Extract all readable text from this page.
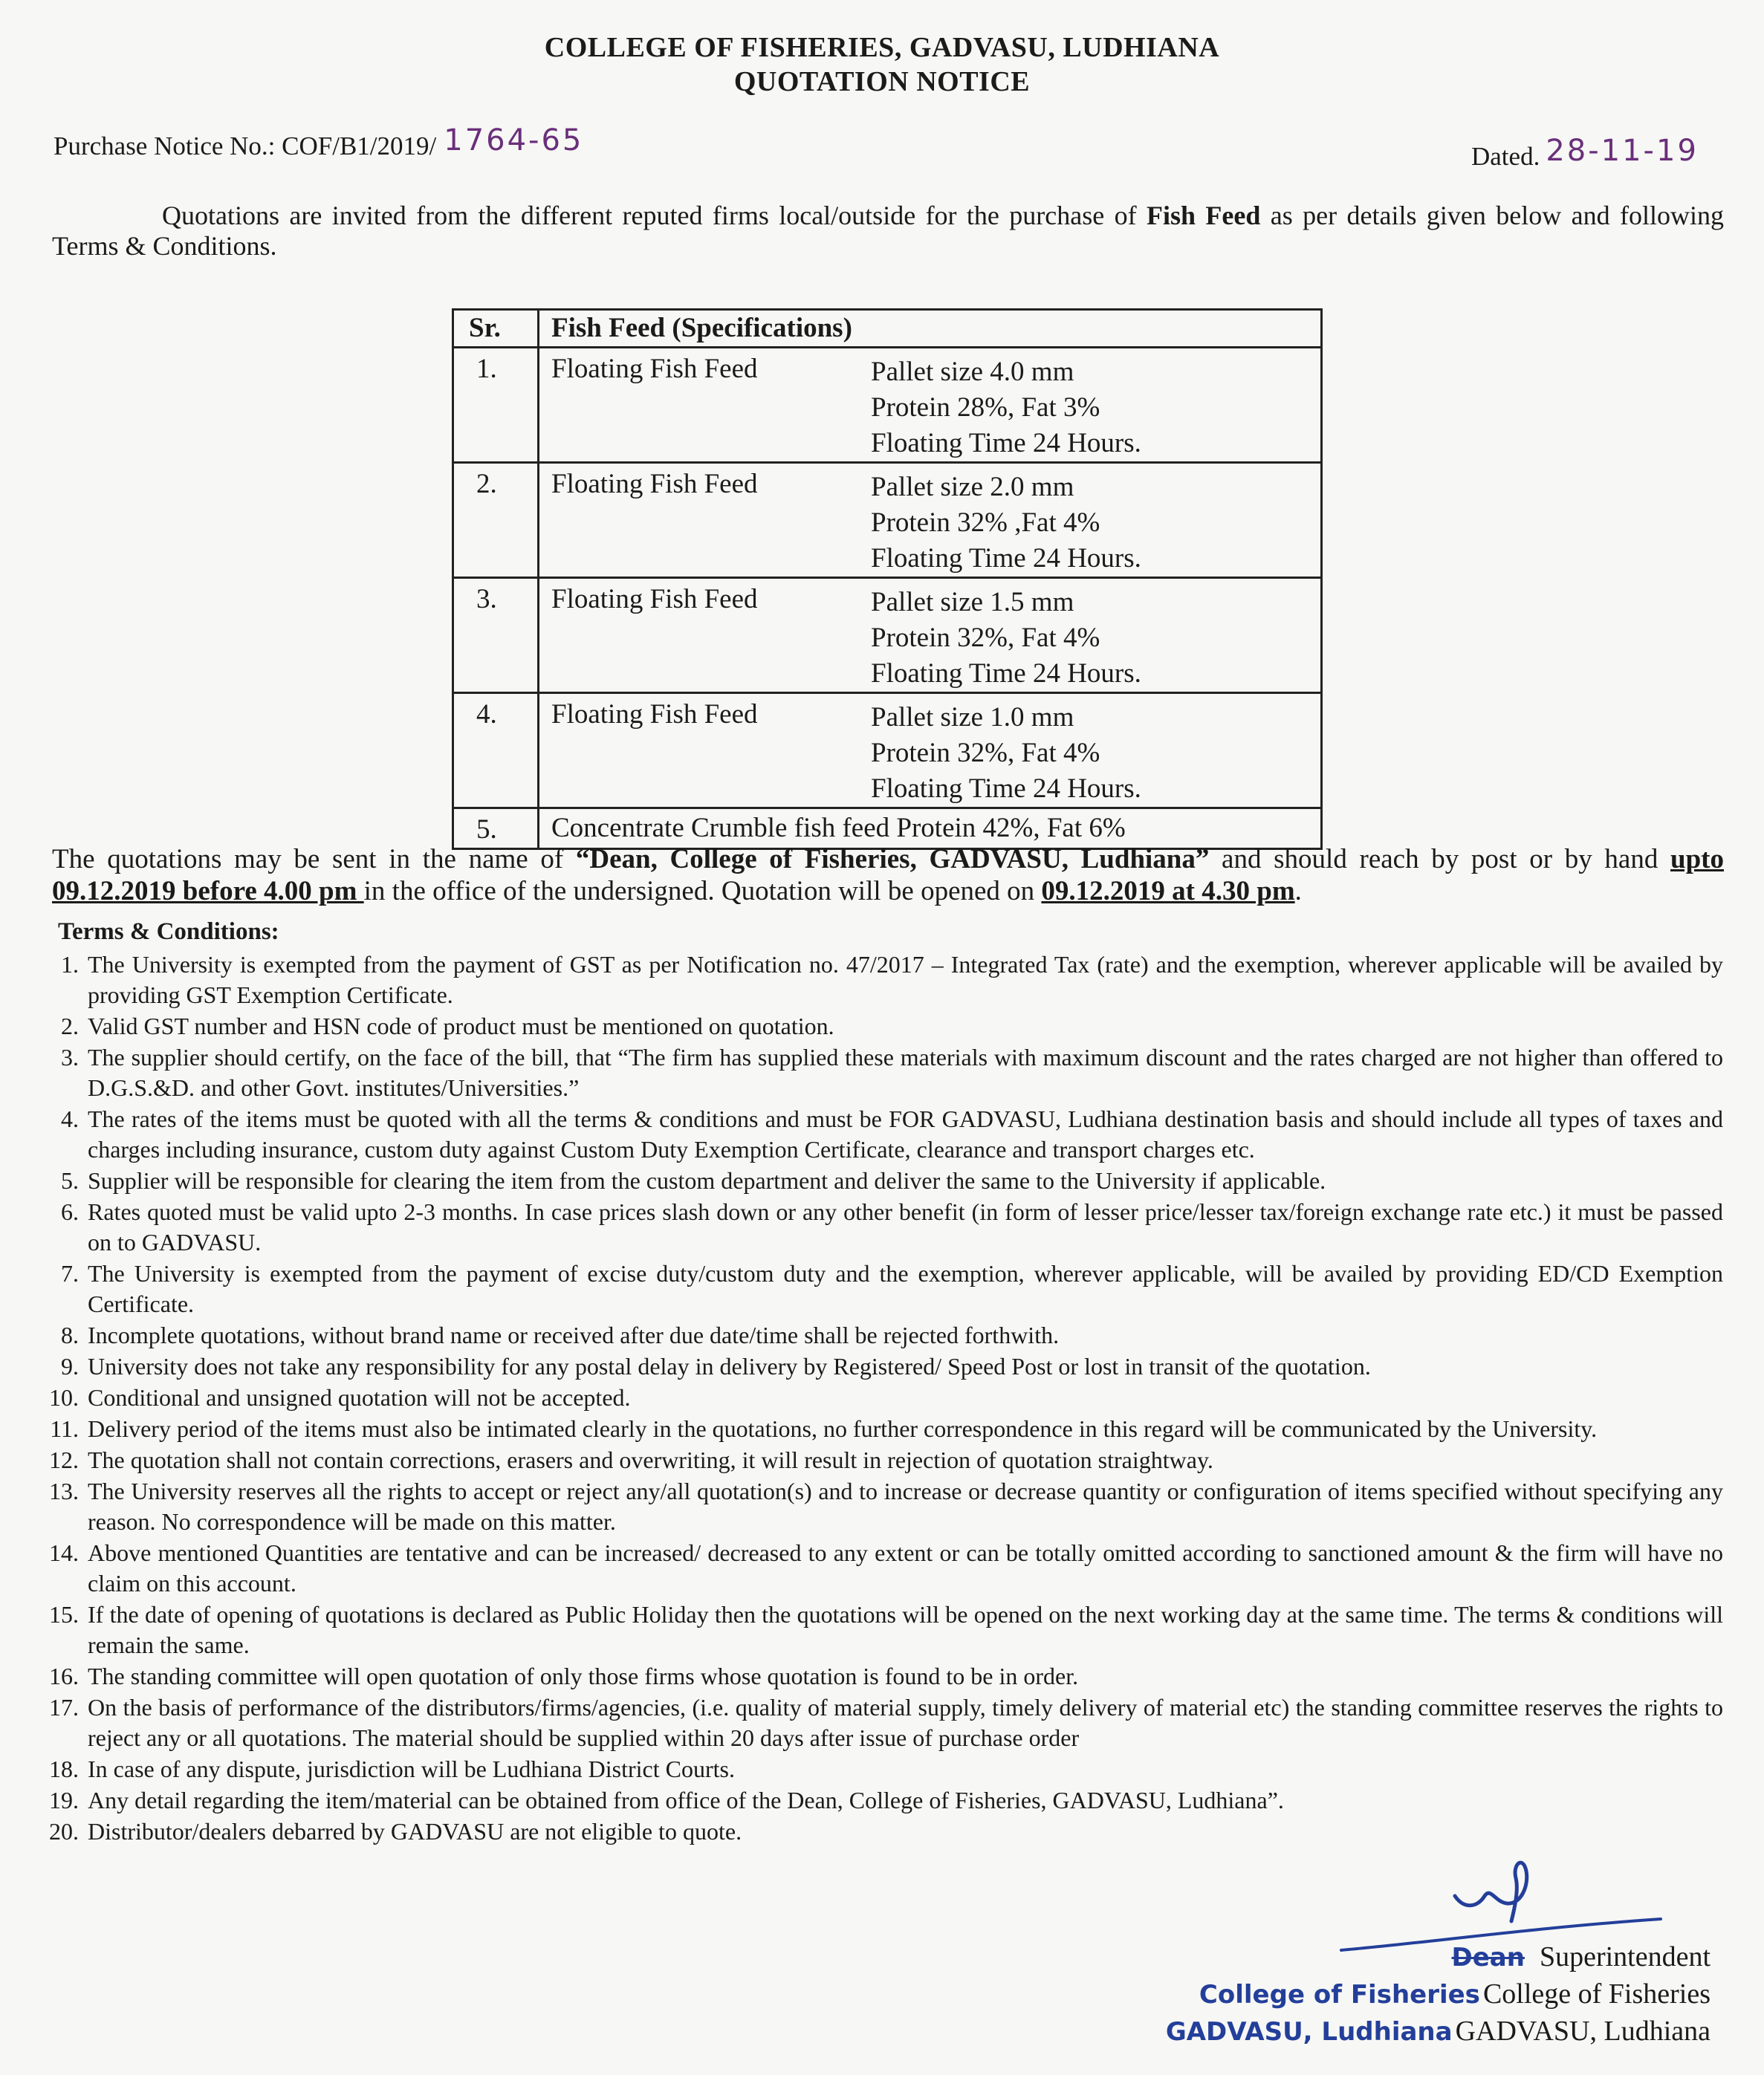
COLLEGE OF FISHERIES, GADVASU, LUDHIANA
QUOTATION NOTICE
Purchase Notice No.: COF/B1/2019/ 1764-65	Dated. 28-11-19
Quotations are invited from the different reputed firms local/outside for the purchase of Fish Feed as per details given below and following Terms & Conditions.
Sr.	Fish Feed (Specifications)
1.	Floating Fish Feed Pallet size 4.0 mm
Protein 28%, Fat 3%
Floating Time 24 Hours.

2.	Floating Fish Feed Pallet size 2.0 mm
Protein 32% ,Fat 4%
Floating Time 24 Hours.

3.	Floating Fish Feed Pallet size 1.5 mm
Protein 32%, Fat 4%
Floating Time 24 Hours.

4.	Floating Fish Feed Pallet size 1.0 mm
Protein 32%, Fat 4%
Floating Time 24 Hours.

5.	Concentrate Crumble fish feed Protein 42%, Fat 6%
The quotations may be sent in the name of “Dean, College of Fisheries, GADVASU, Ludhiana” and should reach by post or by hand upto 09.12.2019 before 4.00 pm in the office of the undersigned. Quotation will be opened on 09.12.2019 at 4.30 pm.
Terms & Conditions:
1. The University is exempted from the payment of GST as per Notification no. 47/2017 – Integrated Tax (rate) and the exemption, wherever applicable will be availed by providing GST Exemption Certificate.
2. Valid GST number and HSN code of product must be mentioned on quotation.
3. The supplier should certify, on the face of the bill, that “The firm has supplied these materials with maximum discount and the rates charged are not higher than offered to D.G.S.&D. and other Govt. institutes/Universities.”
4. The rates of the items must be quoted with all the terms & conditions and must be FOR GADVASU, Ludhiana destination basis and should include all types of taxes and charges including insurance, custom duty against Custom Duty Exemption Certificate, clearance and transport charges etc.
5. Supplier will be responsible for clearing the item from the custom department and deliver the same to the University if applicable.
6. Rates quoted must be valid upto 2-3 months. In case prices slash down or any other benefit (in form of lesser price/lesser tax/foreign exchange rate etc.) it must be passed on to GADVASU.
7. The University is exempted from the payment of excise duty/custom duty and the exemption, wherever applicable, will be availed by providing ED/CD Exemption Certificate.
8. Incomplete quotations, without brand name or received after due date/time shall be rejected forthwith.
9. University does not take any responsibility for any postal delay in delivery by Registered/ Speed Post or lost in transit of the quotation.
10. Conditional and unsigned quotation will not be accepted.
11. Delivery period of the items must also be intimated clearly in the quotations, no further correspondence in this regard will be communicated by the University.
12. The quotation shall not contain corrections, erasers and overwriting, it will result in rejection of quotation straightway.
13. The University reserves all the rights to accept or reject any/all quotation(s) and to increase or decrease quantity or configuration of items specified without specifying any reason. No correspondence will be made on this matter.
14. Above mentioned Quantities are tentative and can be increased/ decreased to any extent or can be totally omitted according to sanctioned amount & the firm will have no claim on this account.
15. If the date of opening of quotations is declared as Public Holiday then the quotations will be opened on the next working day at the same time. The terms & conditions will remain the same.
16. The standing committee will open quotation of only those firms whose quotation is found to be in order.
17. On the basis of performance of the distributors/firms/agencies, (i.e. quality of material supply, timely delivery of material etc) the standing committee reserves the rights to reject any or all quotations. The material should be supplied within 20 days after issue of purchase order
18. In case of any dispute, jurisdiction will be Ludhiana District Courts.
19. Any detail regarding the item/material can be obtained from office of the Dean, College of Fisheries, GADVASU, Ludhiana”.
20. Distributor/dealers debarred by GADVASU are not eligible to quote.
Dean Superintendent
College of Fisheries College of Fisheries
GADVASU, Ludhiana GADVASU, Ludhiana
